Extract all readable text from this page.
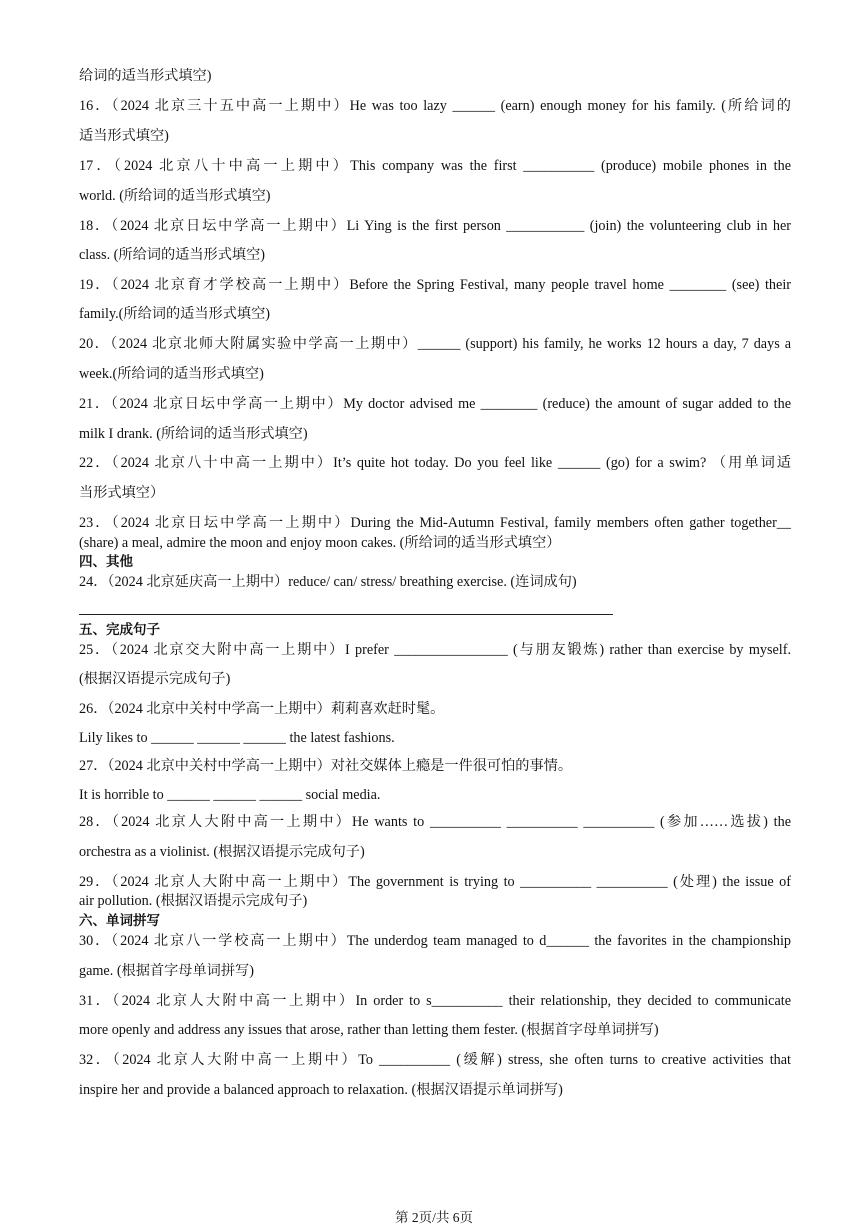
给词的适当形式填空)
16．（2024 北京三十五中高一上期中）He was too lazy ______ (earn) enough money for his family. (所给词的
适当形式填空)
17．（2024 北京八十中高一上期中）This company was the first __________ (produce) mobile phones in the
world. (所给词的适当形式填空)
18．（2024 北京日坛中学高一上期中）Li Ying is the first person ___________ (join) the volunteering club in her
class. (所给词的适当形式填空)
19．（2024 北京育才学校高一上期中）Before the Spring Festival, many people travel home ________ (see) their
family.(所给词的适当形式填空)
20．（2024 北京北师大附属实验中学高一上期中）______ (support) his family, he works 12 hours a day, 7 days a
week.(所给词的适当形式填空)
21．（2024 北京日坛中学高一上期中）My doctor advised me ________ (reduce) the amount of sugar added to the
milk I drank. (所给词的适当形式填空)
22．（2024 北京八十中高一上期中）It’s quite hot today. Do you feel like ______ (go) for a swim? （用单词适
当形式填空）
23．（2024 北京日坛中学高一上期中）During the Mid-Autumn Festival, family members often gather together__
(share) a meal, admire the moon and enjoy moon cakes. (所给词的适当形式填空）
四、其他
24．（2024 北京延庆高一上期中）reduce/ can/ stress/ breathing exercise. (连词成句)
五、完成句子
25．（2024 北京交大附中高一上期中）I prefer ________________ (与朋友锻炼) rather than exercise by myself.
(根据汉语提示完成句子)
26．（2024 北京中关村中学高一上期中）莉莉喜欢赶时髦。
Lily likes to ______ ______ ______ the latest fashions.
27．（2024 北京中关村中学高一上期中）对社交媒体上瘾是一件很可怕的事情。
It is horrible to ______ ______ ______ social media.
28．（2024 北京人大附中高一上期中）He wants to __________ __________ __________ (参加……选拔) the
orchestra as a violinist. (根据汉语提示完成句子)
29．（2024 北京人大附中高一上期中）The government is trying to __________ __________ (处理) the issue of
air pollution. (根据汉语提示完成句子)
六、单词拼写
30．（2024 北京八一学校高一上期中）The underdog team managed to d______ the favorites in the championship
game. (根据首字母单词拼写)
31．（2024 北京人大附中高一上期中）In order to s__________ their relationship, they decided to communicate
more openly and address any issues that arose, rather than letting them fester. (根据首字母单词拼写)
32．（2024 北京人大附中高一上期中）To __________ (缓解) stress, she often turns to creative activities that
inspire her and provide a balanced approach to relaxation. (根据汉语提示单词拼写)
第 2页/共 6页
